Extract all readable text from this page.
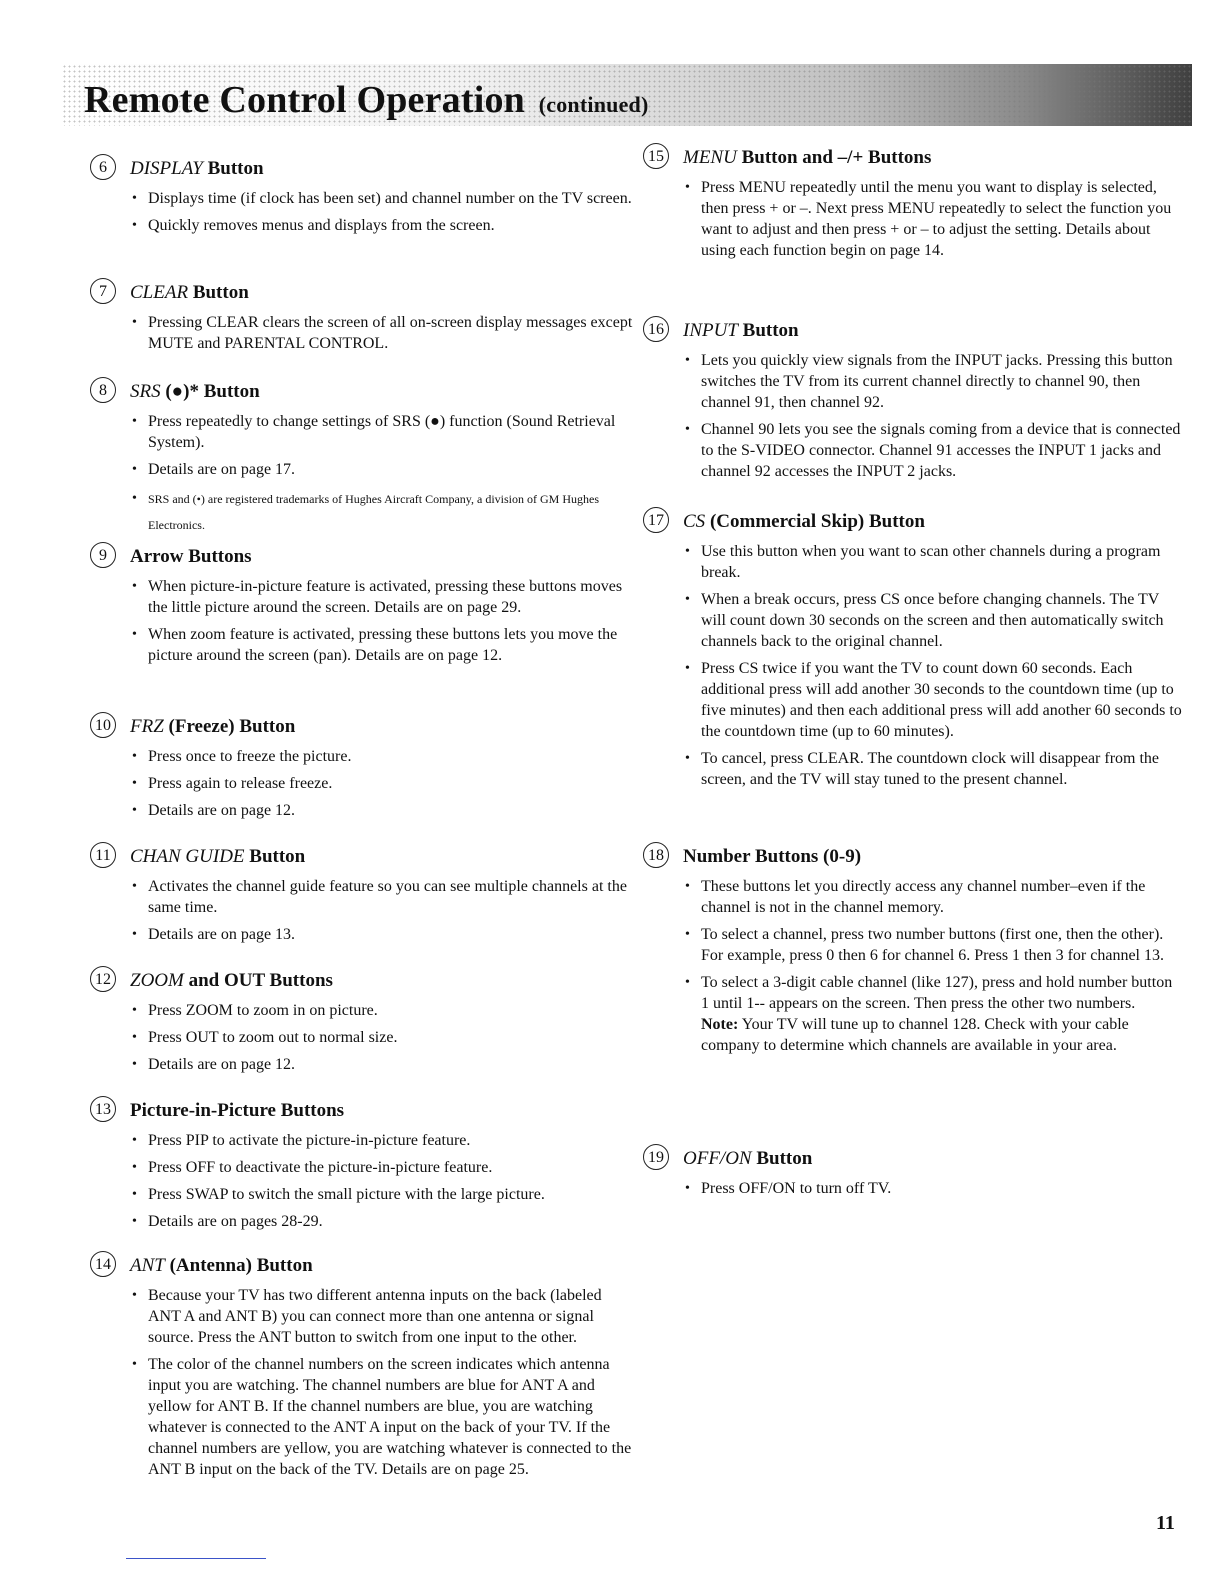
Remote Control Operation (continued)
6	DISPLAY Button
• Displays time (if clock has been set) and channel number on the TV screen.
• Quickly removes menus and displays from the screen.
7	CLEAR Button
• Pressing CLEAR clears the screen of all on-screen display messages except MUTE and PARENTAL CONTROL.
8	SRS (●)* Button
• Press repeatedly to change settings of SRS (●) function (Sound Retrieval System).
• Details are on page 17.
• SRS and (•) are registered trademarks of Hughes Aircraft Company, a division of GM Hughes Electronics.
9	Arrow Buttons
• When picture-in-picture feature is activated, pressing these buttons moves the little picture around the screen. Details are on page 29.
• When zoom feature is activated, pressing these buttons lets you move the picture around the screen (pan). Details are on page 12.
10 FRZ (Freeze) Button
• Press once to freeze the picture.
• Press again to release freeze.
• Details are on page 12.
11 CHAN GUIDE Button
• Activates the channel guide feature so you can see multiple channels at the same time.
• Details are on page 13.
12 ZOOM and OUT Buttons
• Press ZOOM to zoom in on picture.
• Press OUT to zoom out to normal size.
• Details are on page 12.
13 Picture-in-Picture Buttons
• Press PIP to activate the picture-in-picture feature.
• Press OFF to deactivate the picture-in-picture feature.
• Press SWAP to switch the small picture with the large picture.
• Details are on pages 28-29.
14 ANT (Antenna) Button
• Because your TV has two different antenna inputs on the back (labeled ANT A and ANT B) you can connect more than one antenna or signal source. Press the ANT button to switch from one input to the other.
• The color of the channel numbers on the screen indicates which antenna input you are watching. The channel numbers are blue for ANT A and yellow for ANT B. If the channel numbers are blue, you are watching whatever is connected to the ANT A input on the back of your TV. If the channel numbers are yellow, you are watching whatever is connected to the ANT B input on the back of the TV. Details are on page 25.
15 MENU Button and –/+ Buttons
• Press MENU repeatedly until the menu you want to display is selected, then press + or –. Next press MENU repeatedly to select the function you want to adjust and then press + or – to adjust the setting. Details about using each function begin on page 14.
16 INPUT Button
• Lets you quickly view signals from the INPUT jacks. Pressing this button switches the TV from its current channel directly to channel 90, then channel 91, then channel 92.
• Channel 90 lets you see the signals coming from a device that is connected to the S-VIDEO connector. Channel 91 accesses the INPUT 1 jacks and channel 92 accesses the INPUT 2 jacks.
17 CS (Commercial Skip) Button
• Use this button when you want to scan other channels during a program break.
• When a break occurs, press CS once before changing channels. The TV will count down 30 seconds on the screen and then automatically switch channels back to the original channel.
• Press CS twice if you want the TV to count down 60 seconds. Each additional press will add another 30 seconds to the countdown time (up to five minutes) and then each additional press will add another 60 seconds to the countdown time (up to 60 minutes).
• To cancel, press CLEAR. The countdown clock will disappear from the screen, and the TV will stay tuned to the present channel.
18 Number Buttons (0-9)
• These buttons let you directly access any channel number–even if the channel is not in the channel memory.
• To select a channel, press two number buttons (first one, then the other). For example, press 0 then 6 for channel 6. Press 1 then 3 for channel 13.
• To select a 3-digit cable channel (like 127), press and hold number button 1 until 1-- appears on the screen. Then press the other two numbers.
Note: Your TV will tune up to channel 128. Check with your cable company to determine which channels are available in your area.
19 OFF/ON Button
• Press OFF/ON to turn off TV.
11
